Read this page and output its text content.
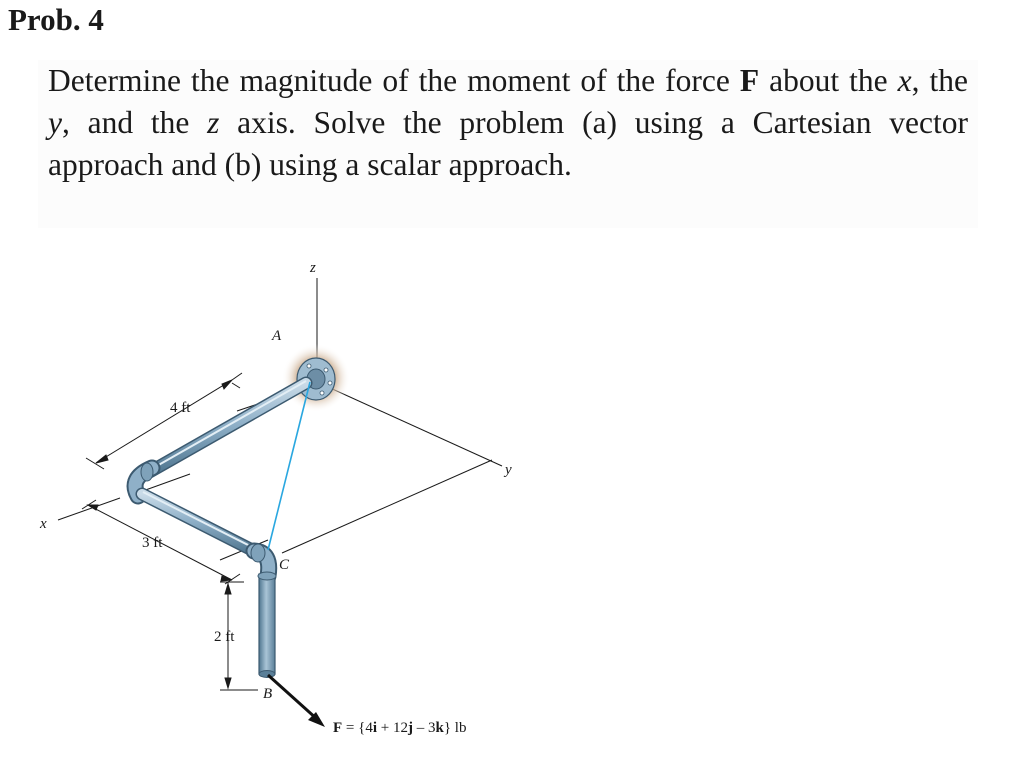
Prob. 4

Determine the magnitude of the moment of the force F about the x, the y, and the z axis. Solve the problem (a) using a Cartesian vector approach and (b) using a scalar approach.

z
y
x
A
B
C
4 ft
3 ft
2 ft
F = {4i + 12j – 3k} lb
